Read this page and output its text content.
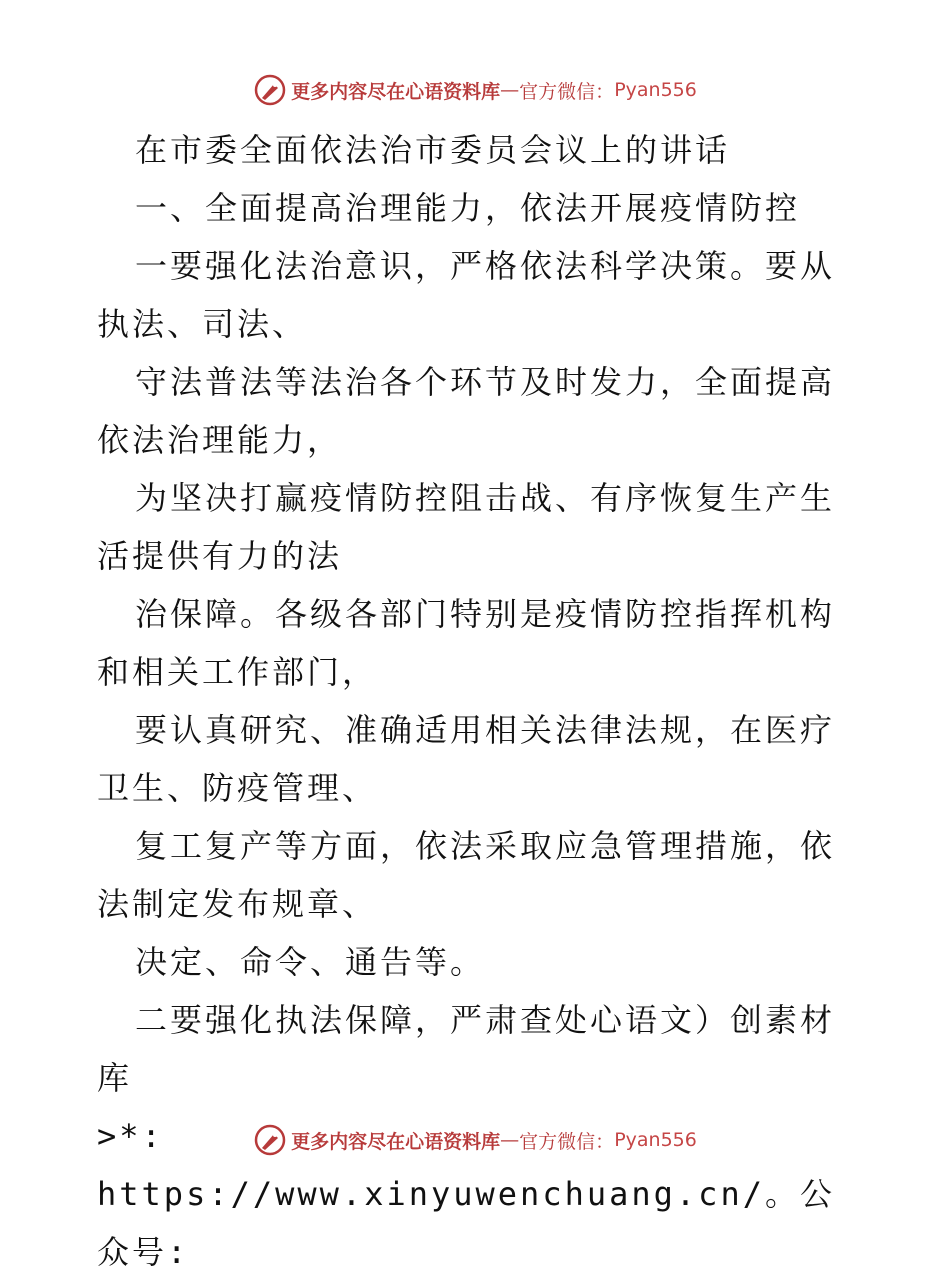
更多内容尽在心语资料库 — 官方微信： Pyan556

在市委全面依法治市委员会议上的讲话

一、全面提高治理能力，依法开展疫情防控

一要强化法治意识，严格依法科学决策。要从执法、司法、

守法普法等法治各个环节及时发力，全面提高依法治理能力，

为坚决打赢疫情防控阻击战、有序恢复生产生活提供有力的法

治保障。各级各部门特别是疫情防控指挥机构和相关工作部门，

要认真研究、准确适用相关法律法规，在医疗卫生、防疫管理、

复工复产等方面，依法采取应急管理措施，依法制定发布规章、

决定、命令、通告等。

二要强化执法保障，严肃查处心语文）创素材库

>*: https://www.xinyuwenchuang.cn/。公众号:

更多内容尽在心语资料库 — 官方微信： Pyan556
